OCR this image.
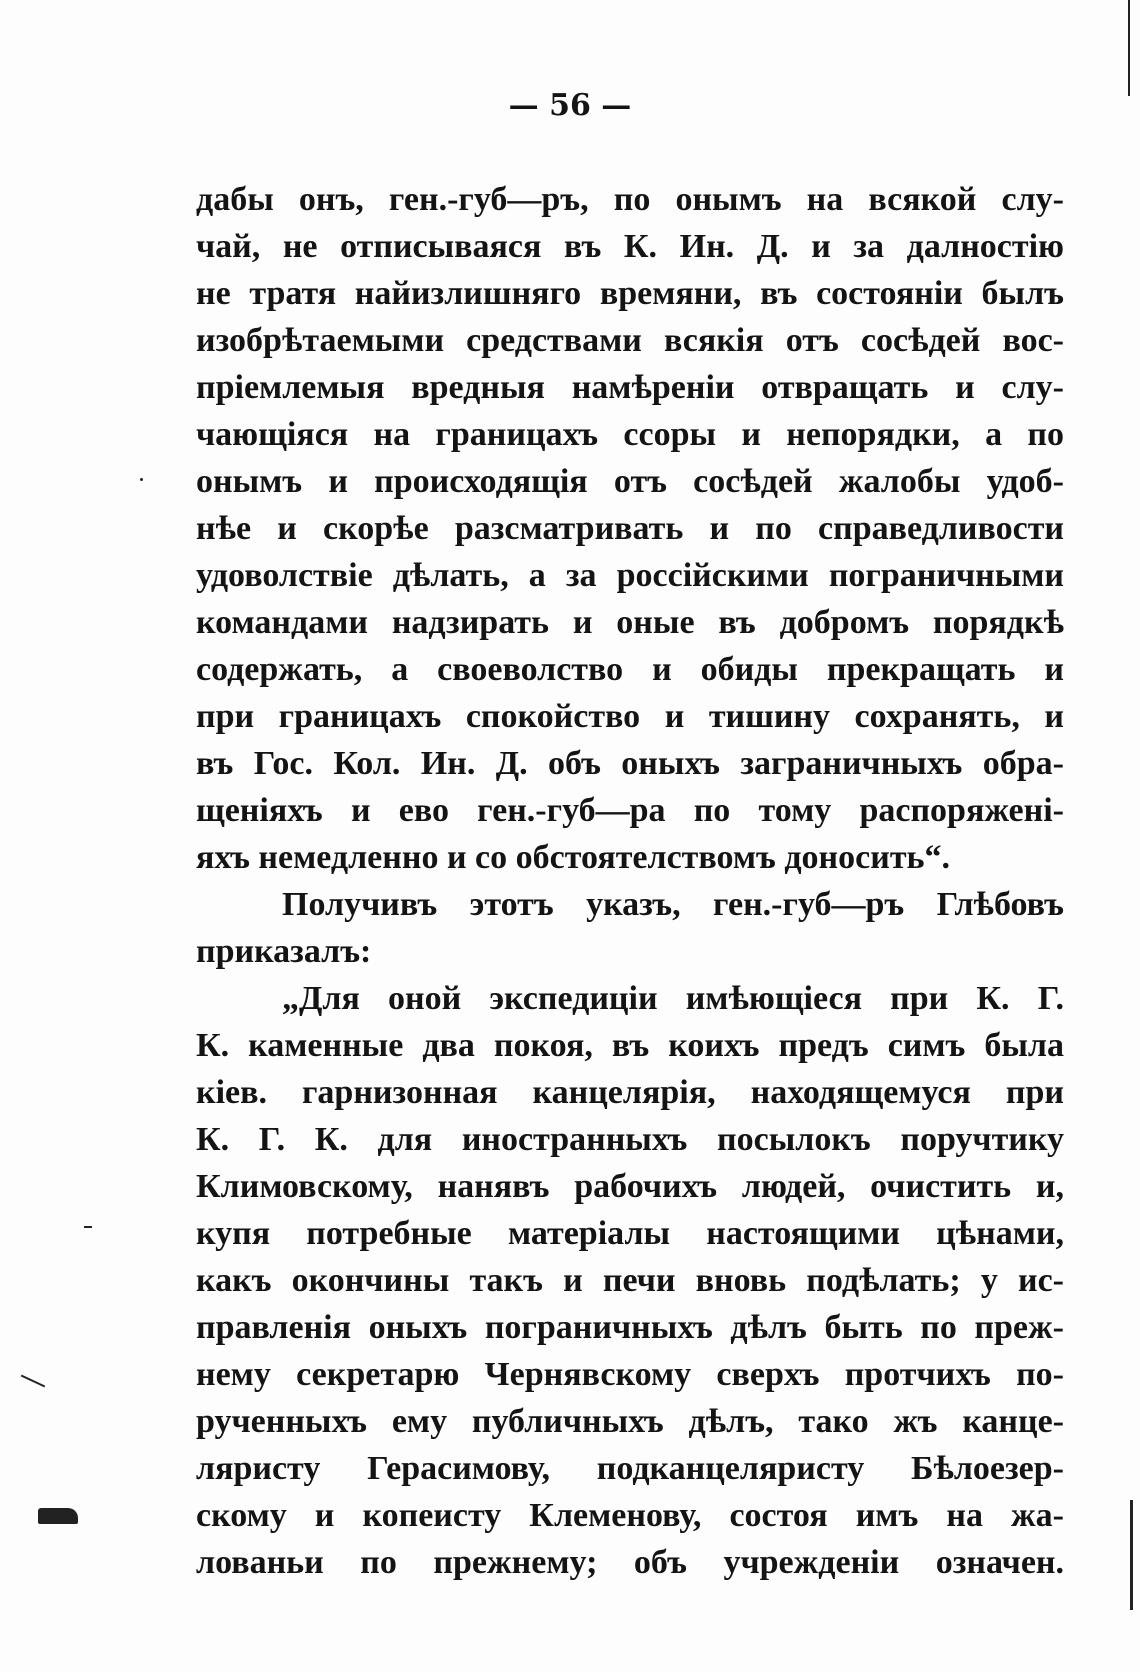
— 56 —
дабы онъ, ген.-губ—ръ, по онымъ на всякой слу-
чай, не отписываяся въ К. Ин. Д. и за далностію
не тратя найизлишняго времяни, въ состояніи былъ
изобрѣтаемыми средствами всякія отъ сосѣдей вос-
пріемлемыя вредныя намѣреніи отвращать и слу-
чающіяся на границахъ ссоры и непорядки, а по
онымъ и происходящія отъ сосѣдей жалобы удоб-
нѣе и скорѣе разсматривать и по справедливости
удоволствіе дѣлать, а за россійскими пограничными
командами надзирать и оные въ добромъ порядкѣ
содержать, а своеволство и обиды прекращать и
при границахъ спокойство и тишину сохранять, и
въ Гос. Кол. Ин. Д. объ оныхъ заграничныхъ обра-
щеніяхъ и ево ген.-губ—ра по тому распоряжені-
яхъ немедленно и со обстоятелствомъ доносить“.
Получивъ этотъ указъ, ген.-губ—ръ Глѣбовъ
приказалъ:
„Для оной экспедиціи имѣющіеся при К. Г.
К. каменные два покоя, въ коихъ предъ симъ была
кіев. гарнизонная канцелярія, находящемуся при
К. Г. К. для иностранныхъ посылокъ поручтику
Климовскому, нанявъ рабочихъ людей, очистить и,
купя потребные матеріалы настоящими цѣнами,
какъ окончины такъ и печи вновь подѣлать; у ис-
правленія оныхъ пограничныхъ дѣлъ быть по преж-
нему секретарю Чернявскому сверхъ протчихъ по-
рученныхъ ему публичныхъ дѣлъ, тако жъ канце-
ляристу Герасимову, подканцеляристу Бѣлоезер-
скому и копеисту Клеменову, состоя имъ на жа-
лованьи по прежнему; объ учрежденіи означен.
